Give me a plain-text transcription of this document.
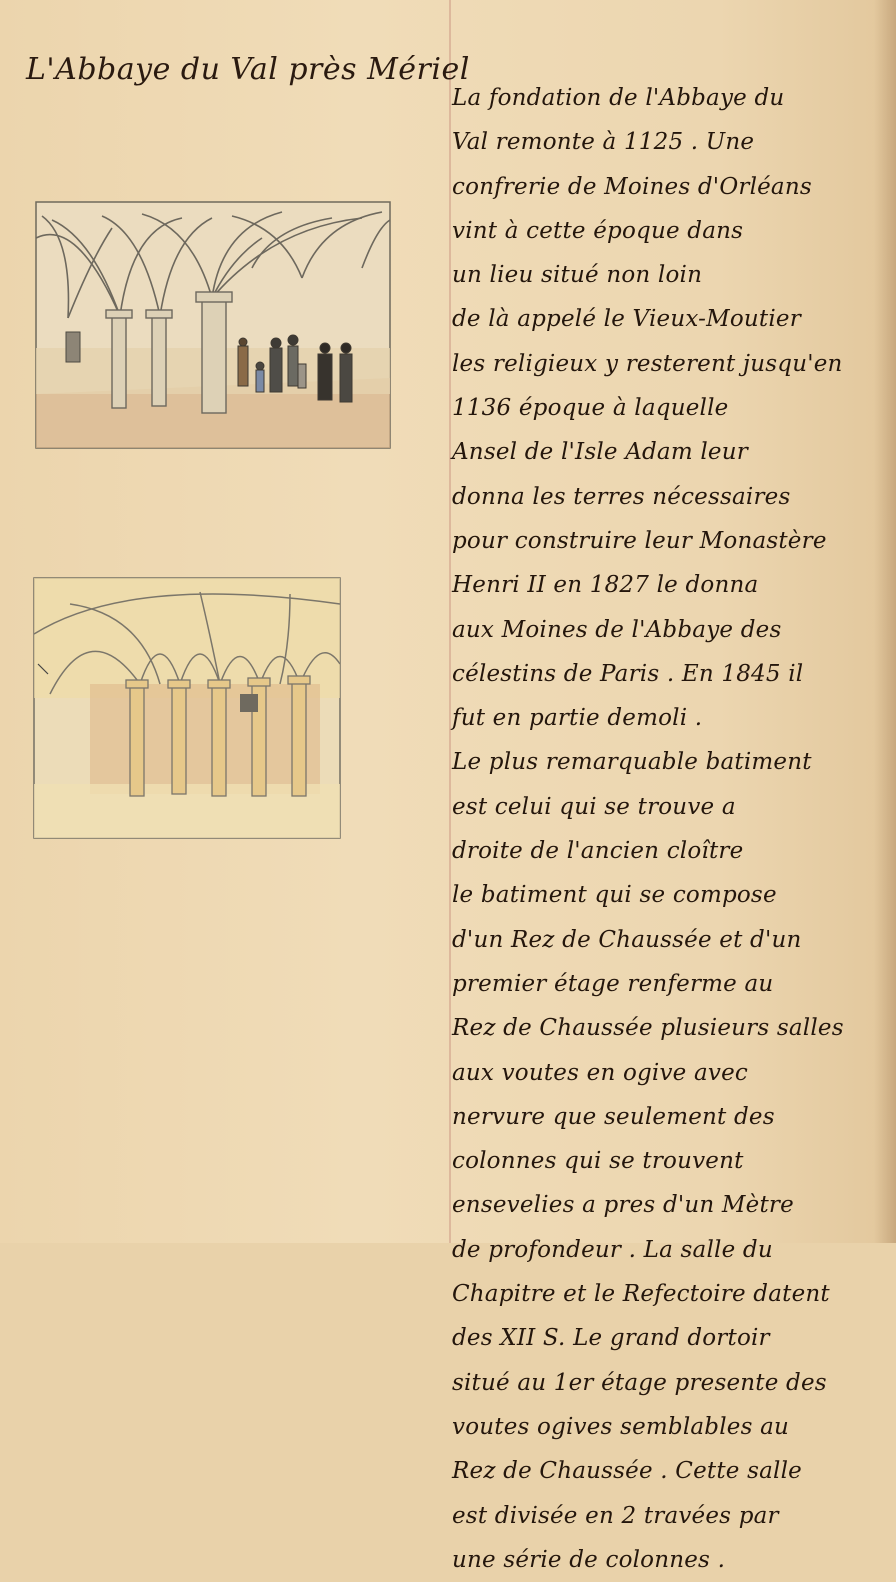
L'Abbaye du Val près Mériel
La fondation de l'Abbaye du
Val remonte à 1125 . Une
confrerie de Moines d'Orléans
vint à cette époque dans
un lieu situé non loin
de là appelé le Vieux-Moutier
les religieux y resterent jusqu'en
1136 époque à laquelle
Ansel de l'Isle Adam leur
donna les terres nécessaires
pour construire leur Monastère
Henri II en 1827 le donna
aux Moines de l'Abbaye des
célestins de Paris . En 1845 il
fut en partie demoli .
Le plus remarquable batiment
est celui qui se trouve a
droite de l'ancien cloître
le batiment qui se compose
d'un Rez de Chaussée et d'un
premier étage renferme au
Rez de Chaussée plusieurs salles
aux voutes en ogive avec
nervure que seulement des
colonnes qui se trouvent
ensevelies a pres d'un Mètre
de profondeur . La salle du
Chapitre et le Refectoire datent
des XII S. Le grand dortoir
situé au 1er étage presente des
voutes ogives semblables au
Rez de Chaussée . Cette salle
est divisée en 2 travées par
une série de colonnes .
